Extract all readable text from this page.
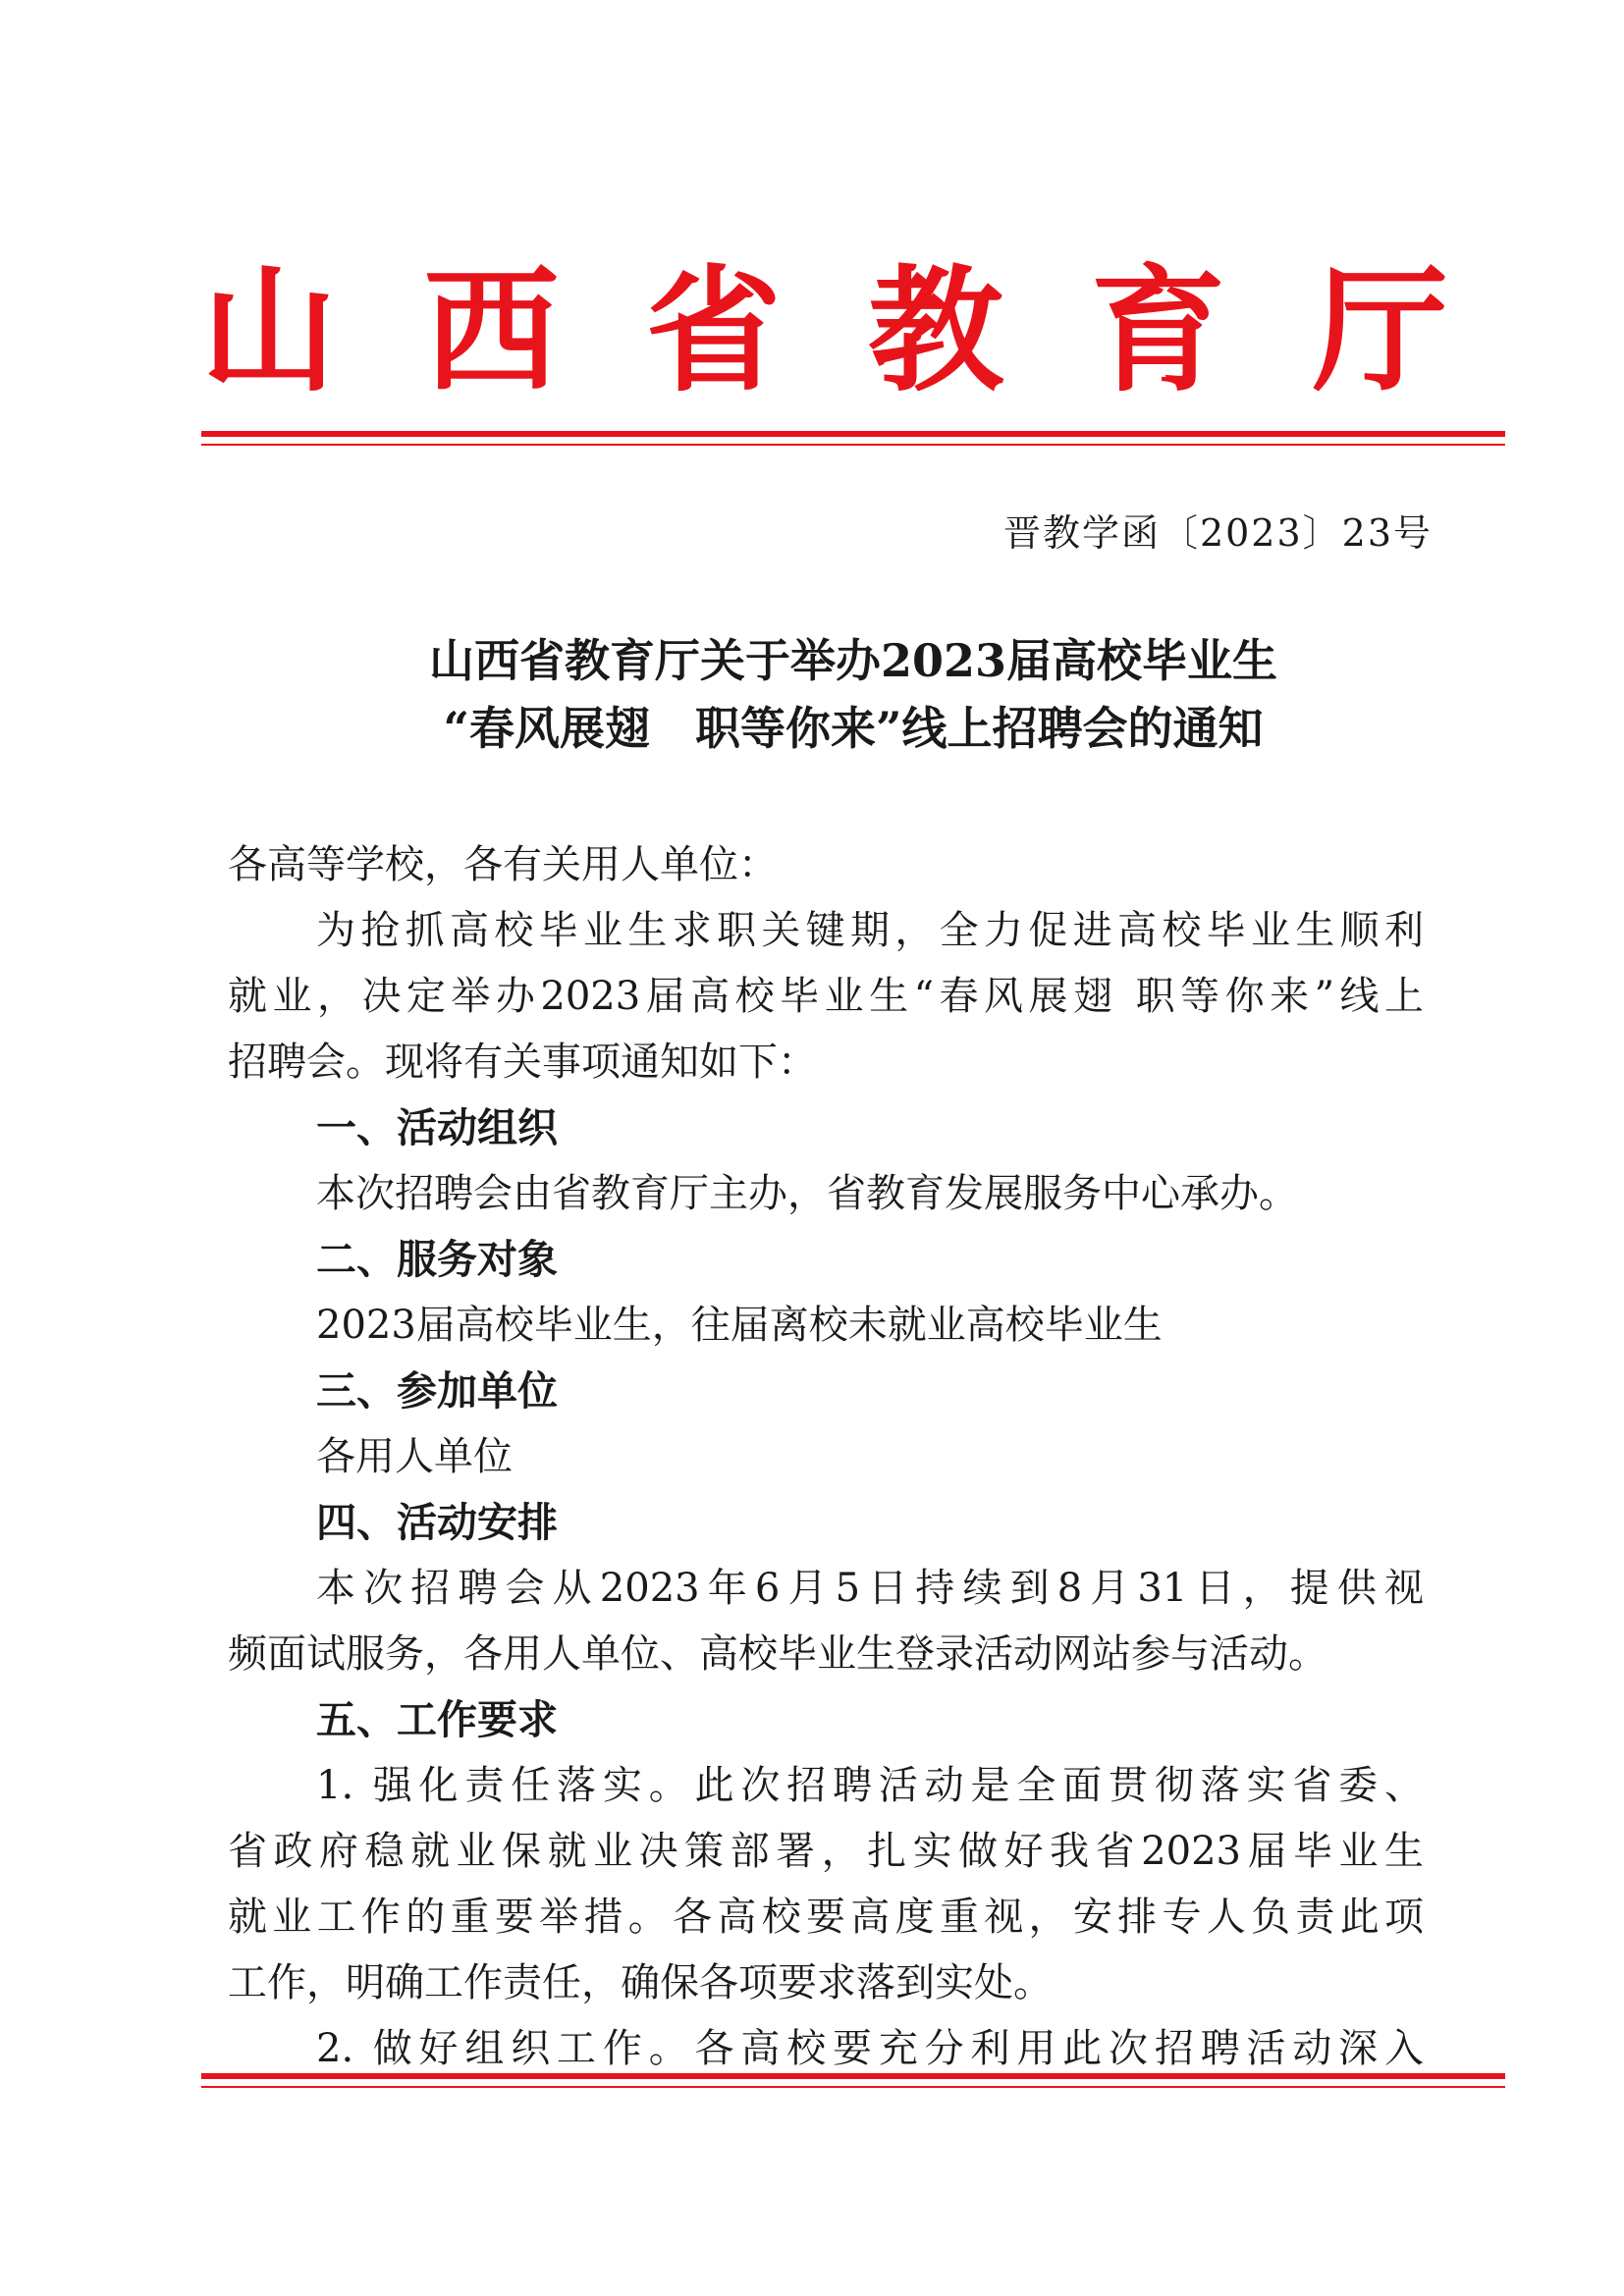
山 西 省 教 育 厅
晋教学函〔2023〕23号
山西省教育厅关于举办2023届高校毕业生
“春风展翅　职等你来”线上招聘会的通知
各高等学校，各有关用人单位：
为抢抓高校毕业生求职关键期，全力促进高校毕业生顺利
就业，决定举办2023届高校毕业生“春风展翅 职等你来”线上
招聘会。现将有关事项通知如下：
一、活动组织
本次招聘会由省教育厅主办，省教育发展服务中心承办。
二、服务对象
2023届高校毕业生，往届离校未就业高校毕业生
三、参加单位
各用人单位
四、活动安排
本次招聘会从2023年6月5日持续到8月31日，提供视
频面试服务，各用人单位、高校毕业生登录活动网站参与活动。
五、工作要求
1. 强化责任落实。此次招聘活动是全面贯彻落实省委、
省政府稳就业保就业决策部署，扎实做好我省2023届毕业生
就业工作的重要举措。各高校要高度重视，安排专人负责此项
工作，明确工作责任，确保各项要求落到实处。
2. 做好组织工作。各高校要充分利用此次招聘活动深入
